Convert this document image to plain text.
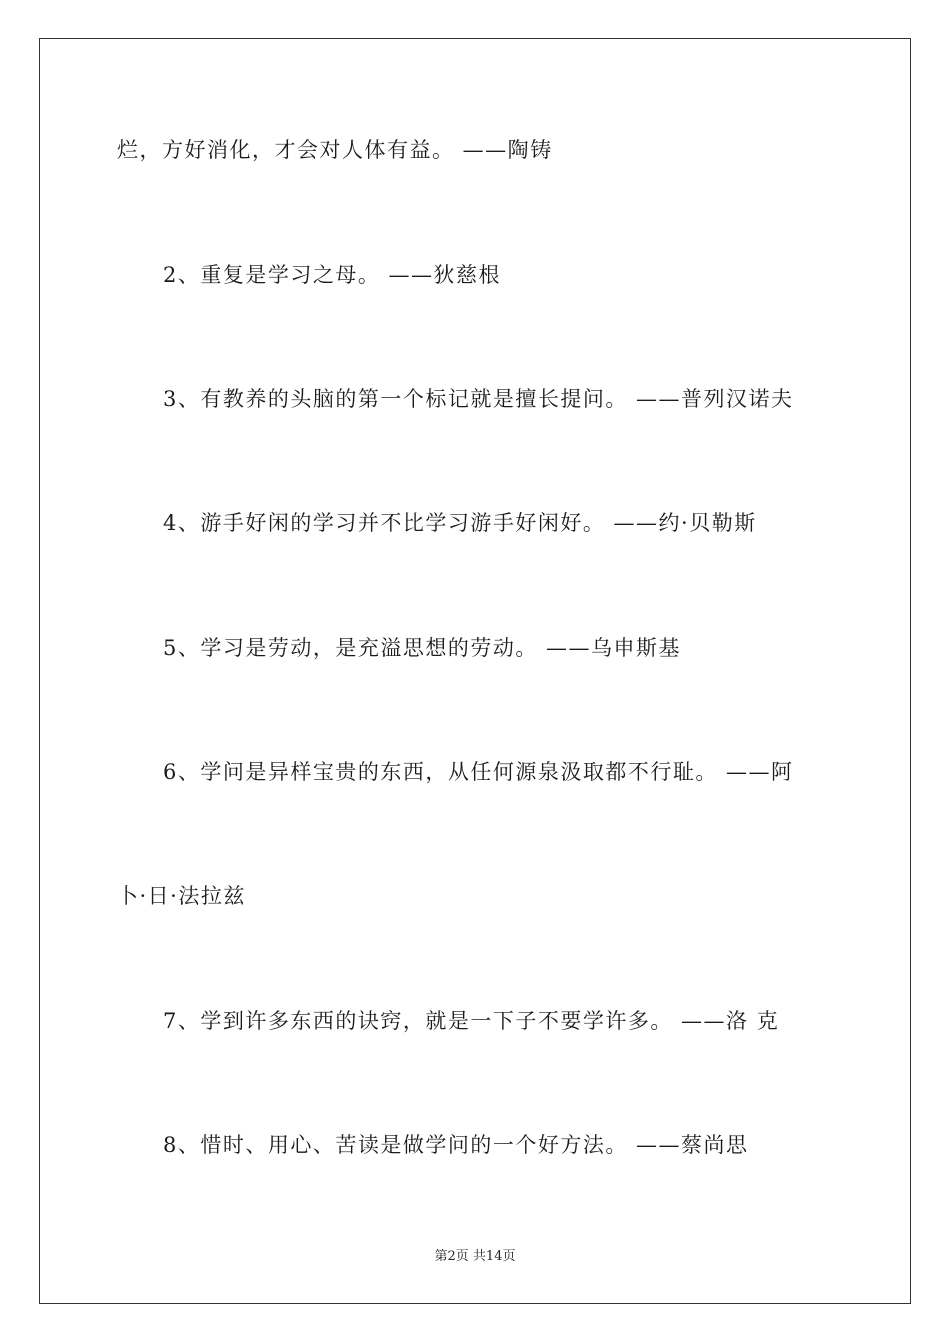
烂，方好消化，才会对人体有益。 ——陶铸
2、重复是学习之母。 ——狄慈根
3、有教养的头脑的第一个标记就是擅长提问。 ——普列汉诺夫
4、游手好闲的学习并不比学习游手好闲好。 ——约·贝勒斯
5、学习是劳动，是充溢思想的劳动。 ——乌申斯基
6、学问是异样宝贵的东西，从任何源泉汲取都不行耻。 ——阿
卜·日·法拉兹
7、学到许多东西的诀窍，就是一下子不要学许多。 ——洛 克
8、惜时、用心、苦读是做学问的一个好方法。 ——蔡尚思
第2页 共14页
